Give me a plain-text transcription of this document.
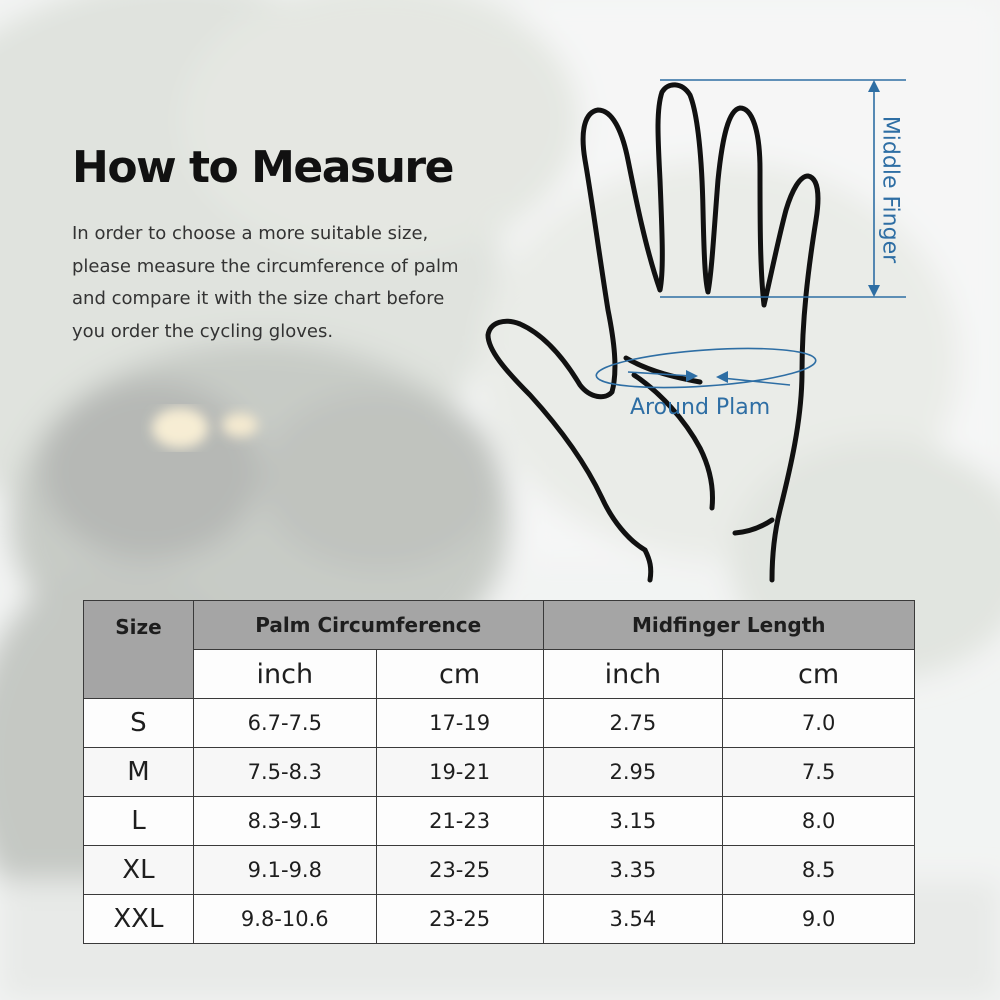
How to Measure

In order to choose a more suitable size,
please measure the circumference of palm
and compare it with the size chart before
you order the cycling gloves.

Middle Finger
Around Plam
Size	Palm Circumference		Midfinger Length	
	inch	cm	inch	cm
S	6.7-7.5	17-19	2.75	7.0
M	7.5-8.3	19-21	2.95	7.5
L	8.3-9.1	21-23	3.15	8.0
XL	9.1-9.8	23-25	3.35	8.5
XXL	9.8-10.6	23-25	3.54	9.0
